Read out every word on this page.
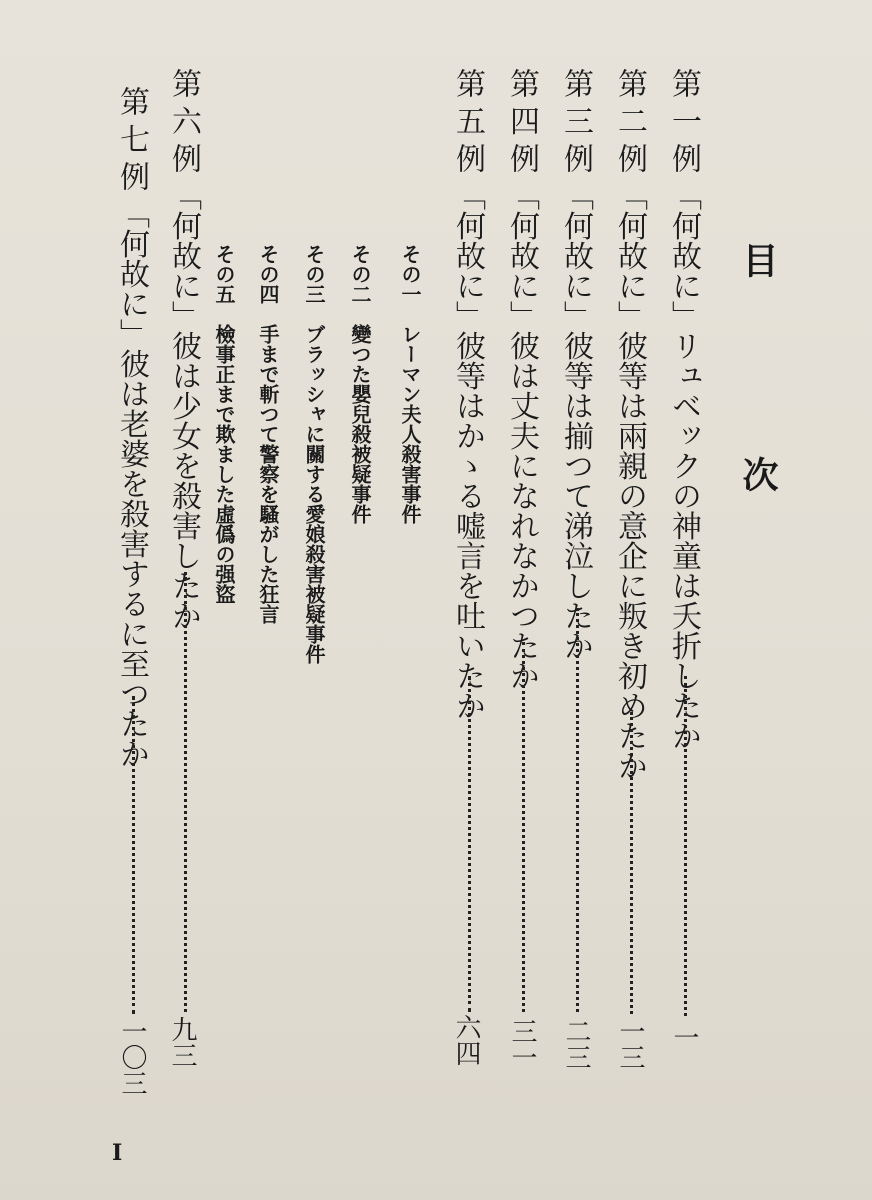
目次
第一例「何故に」リュベックの神童は夭折したか
一
第二例「何故に」彼等は兩親の意企に叛き初めたか
一三
第三例「何故に」彼等は揃つて涕泣したか
二三
第四例「何故に」彼は丈夫になれなかつたか
三一
第五例「何故に」彼等はかゝる嘘言を吐いたか
六四
その一　レーマン夫人殺害事件
その二　變つた嬰兒殺被疑事件
その三　ブラッシャに關する愛娘殺害被疑事件
その四　手まで斬つて警察を騷がした狂言
その五　檢事正まで欺ました虛僞の强盜
第六例「何故に」彼は少女を殺害したか
九三
第七例「何故に」彼は老婆を殺害するに至つたか
一〇三
I
